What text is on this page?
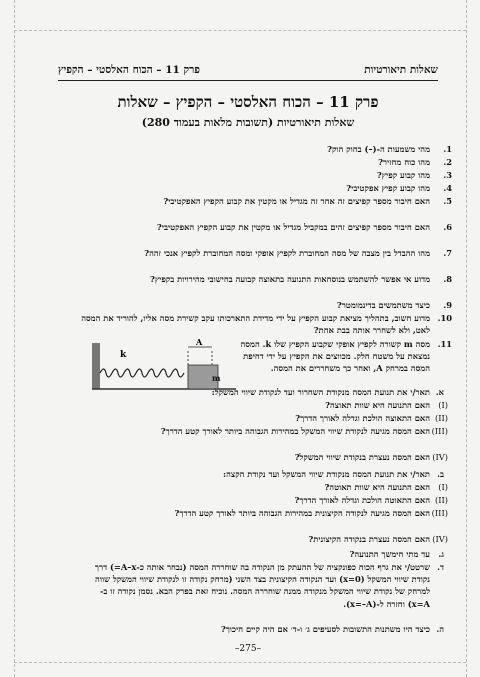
שאלות תיאורטיות
פרק 11 – הכוח האלסטי – הקפיץ
פרק 11 – הכוח האלסטי – הקפיץ – שאלות
שאלות תיאורטיות (תשובות מלאות בעמוד 280)
1.
מהי משמעות ה-(–) בחוק הוק?
2.
מהו כוח מחזיר?
3.
מהו קבוע קפיץ?
4.
מהו קבוע קפיץ אפקטיבי?
5.
האם חיבור מספר קפיצים זה אחר זה מגדיל או מקטין את קבוע הקפיץ האפקטיבי?
6.
האם חיבור מספר קפיצים זהים במקביל מגדיל או מקטין את קבוע הקפיץ האפקטיבי?
7.
מהו ההבדל בין מצבה של מסה המחוברת לקפיץ אופקי ומסה המחוברת לקפיץ אנכי זהה?
8.
מדוע אי אפשר להשתמש בנוסחאות התנועה בתאוצה קבועה בחישובי מהירויות בקפיץ?
9.
כיצד משתמשים בדינמומטר?
10.
מדוע חשוב, בתהליך מציאת קבוע הקפיץ על ידי מדידת התארכותו עקב קשירת מסה אליו, להוריד את המסה לאט, ולא לשחרר אותה בבת אחת?
11.
מסה m קשורה לקפיץ אופקי שקבוע הקפיץ שלו k. המסה נמצאת על משטח חלק. מכווצים את הקפיץ על ידי דחיפת המסה במרחק A, ואחר כך משחררים את המסה.
k
A
m
א.
תאר/י את תנועת המסה מנקודת השחרור ועד לנקודת שיווי המשקל:
(I)
האם התנועה היא שוות תאוצה?
(II)
האם התאוצה הולכת וגדלה לאורך הדרך?
(III)
האם המסה מגיעה לנקודת שיווי המשקל במהירות הגבוהה ביותר לאורך קטע הדרך?
(IV)
האם המסה נעצרת בנקודת שיווי המשקל?
ב.
תאר/י את תנועת המסה מנקודת שיווי המשקל ועד נקודת הקצה:
(I)
האם התנועה היא שוות תאוטה?
(II)
האם התאוטה הולכת וגדלה לאורך הדרך?
(III)
האם המסה מגיעה לנקודה הקיצונית במהירות הגבוהה ביותר לאורך קטע הדרך?
(IV)
האם המסה נעצרת בנקודה הקיצונית?
ג.
עד מתי חימשך התנועה?
ד.
שרטט/י את גרף הכוח כפונקציה של ההעתק מן הנקודה בה שוחררה המסה (נבחר אותה כ-A–x=) דרך נקודת שיווי המשקל (x=0) ועד הנקודה הקיצונית בצד השני (מרחק נקודה זו לנקודת שיווי המשקל שווה למרחק של נקודת שיווי המשקל מנקודה ממנה שוחררה המסה. נוכיח זאת בפרק הבא. נסמן נקודה זו ב-x=A) וחזרה ל-(x=–A).
ה.
כיצד היו משתנות התשובות לסעיפים ג׳ ו-ד׳ אם היה קיים חיכוך?
–275–
